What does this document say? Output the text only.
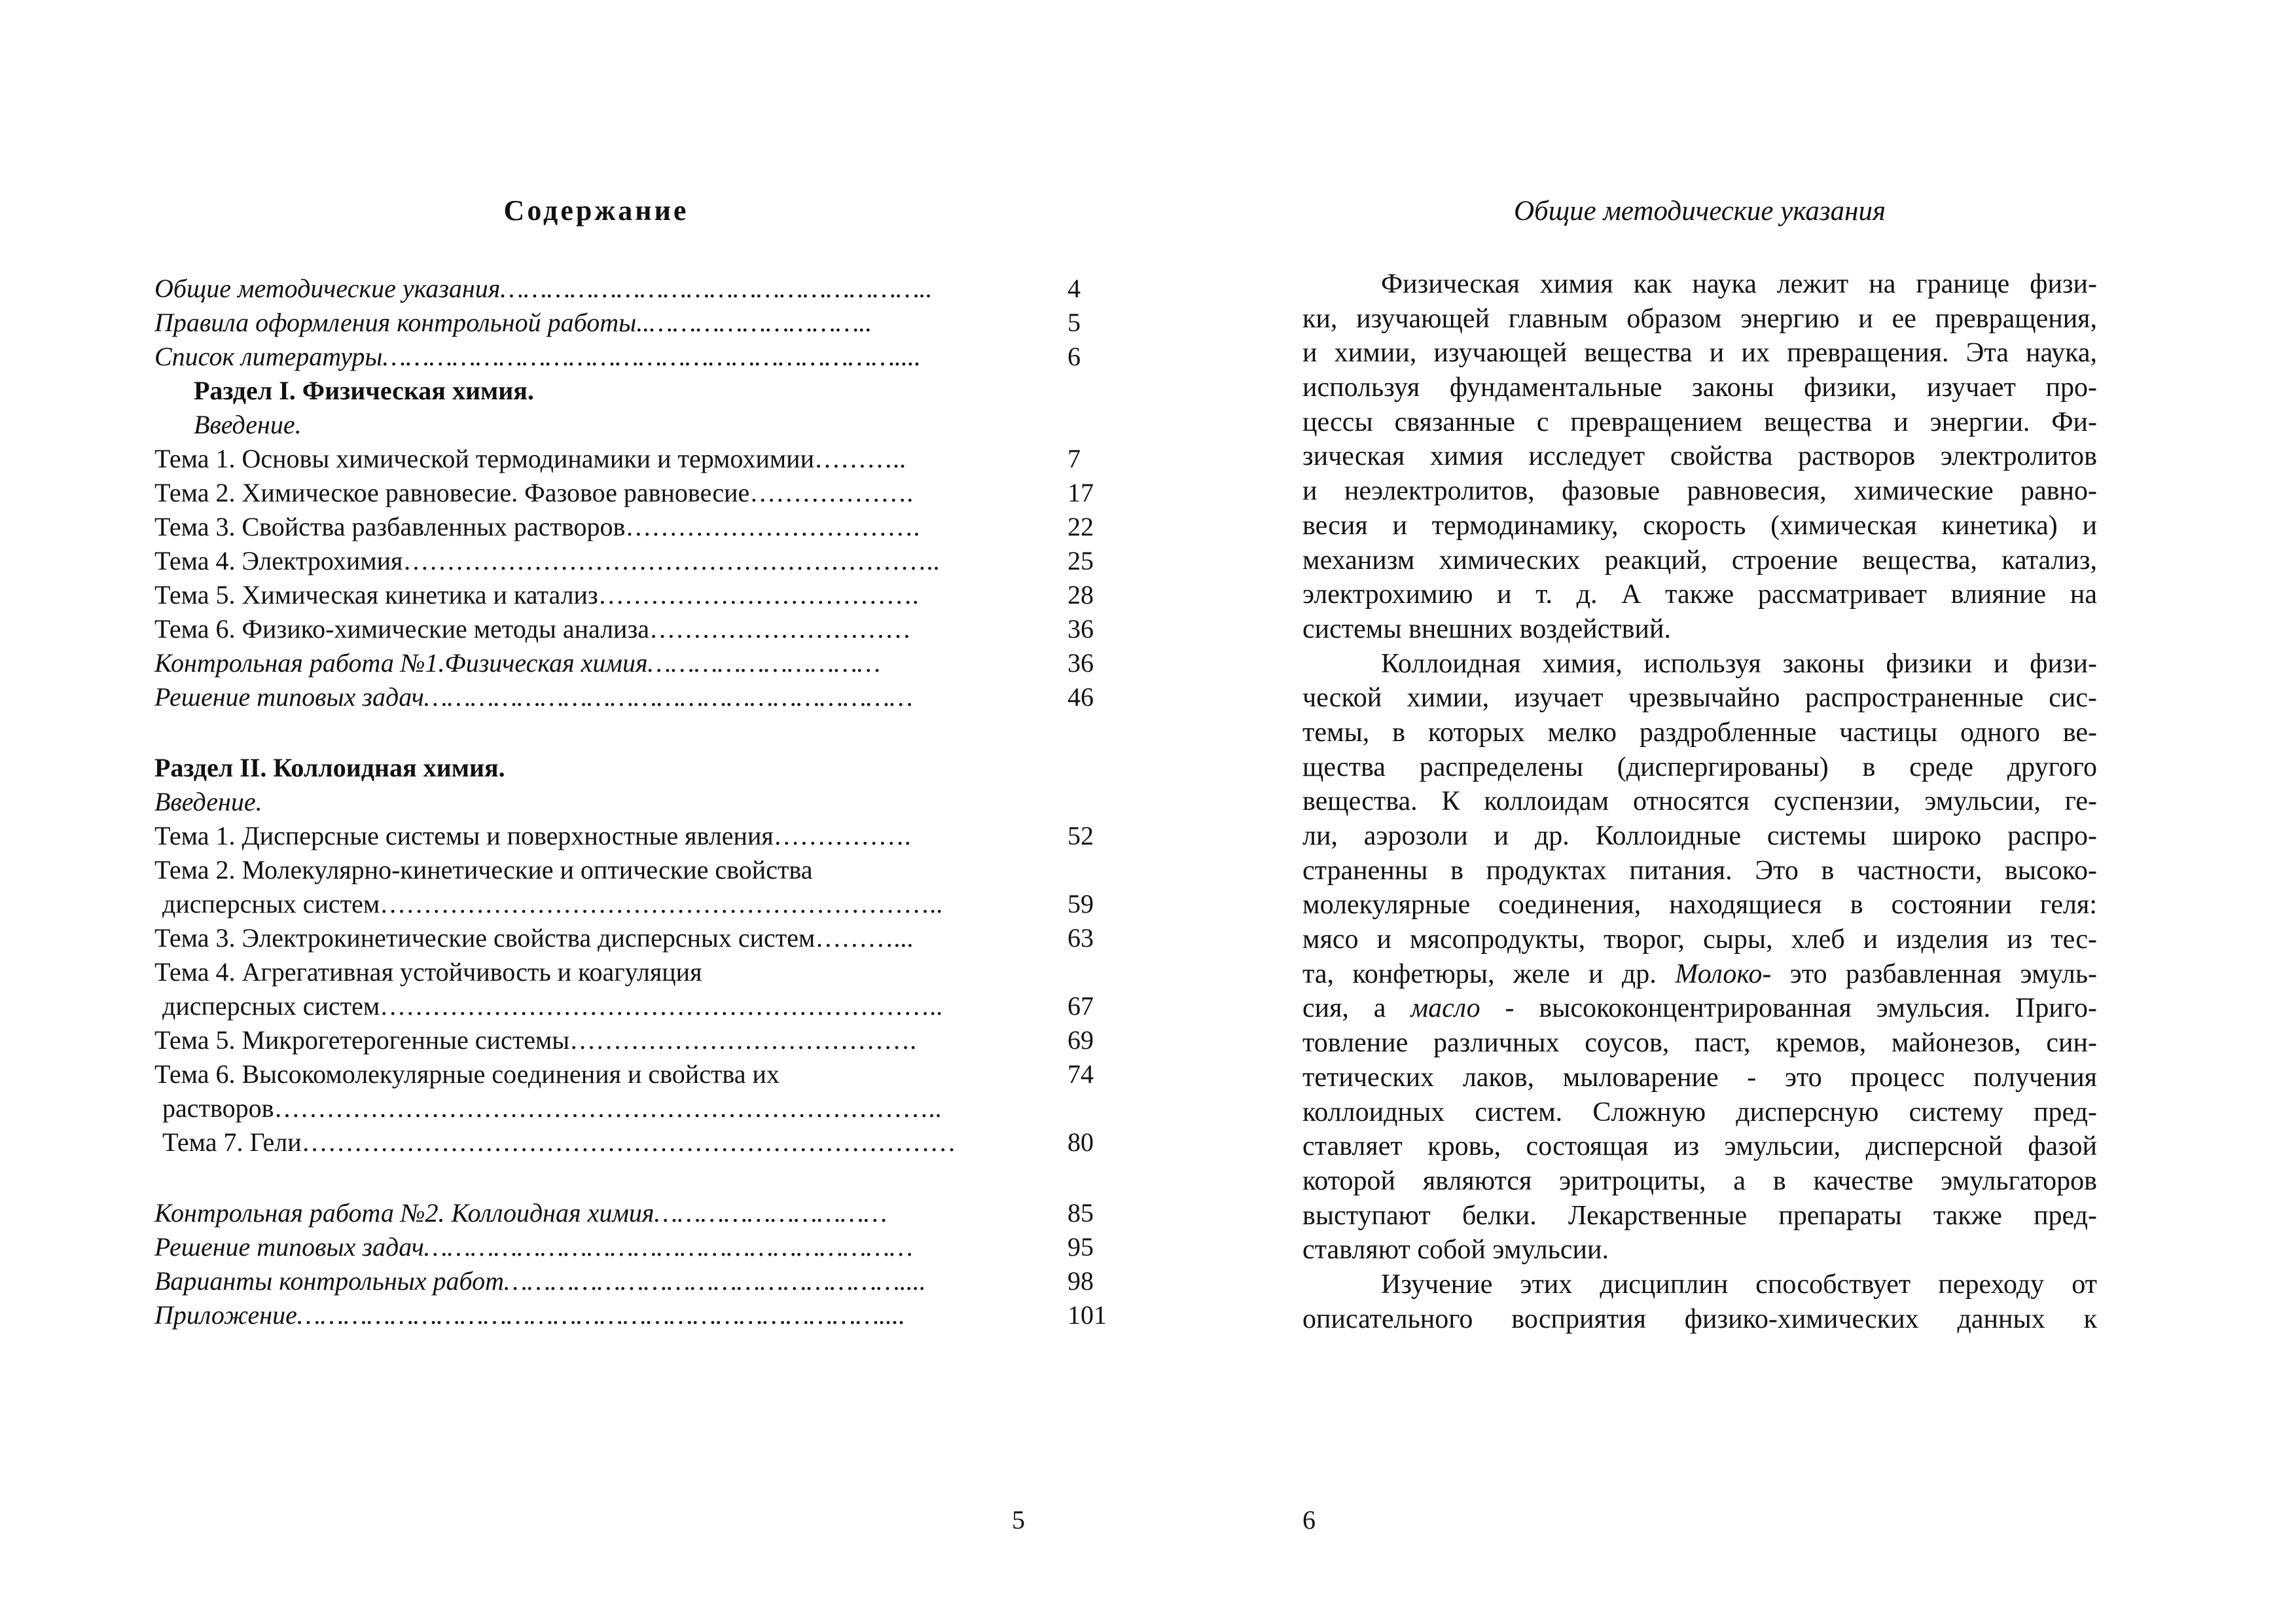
Содержание
Общие методические указания………………………………………………..	4
Правила оформления контрольной работы..………………………..	5
Список литературы…………………………………………………………....	6
Раздел I. Физическая химия.
Введение.
Тема 1. Основы химической термодинамики и термохимии………..	7
Тема 2. Химическое равновесие. Фазовое равновесие……………….	17
Тема 3. Свойства разбавленных растворов…………………………….	22
Тема 4. Электрохимия……………………………………………………..	25
Тема 5. Химическая кинетика и катализ……………………………….	28
Тема 6. Физико-химические методы анализа…………………………	36
Контрольная работа №1.Физическая химия…………………………	36
Решение типовых задач………………………………………………………	46
Раздел II. Коллоидная химия.
Введение.
Тема 1. Дисперсные системы и поверхностные явления…………….	52
Тема 2. Молекулярно-кинетические и оптические свойства
дисперсных систем………………………………………………………..	59
Тема 3. Электрокинетические свойства дисперсных систем………...	63
Тема 4. Агрегативная устойчивость и коагуляция
дисперсных систем………………………………………………………..	67
Тема 5. Микрогетерогенные системы………………………………….	69
Тема 6. Высокомолекулярные соединения и свойства их	74
растворов…………………………………………………………………..
Тема 7. Гели…………………………………………………………………	80
Контрольная работа №2. Коллоидная химия…………………………	85
Решение типовых задач………………………………………………………	95
Варианты контрольных работ……………………………………………....	98
Приложение…………………………………………………………………....	101
5
Общие методические указания
Физическая химия как наука лежит на границе физи-
ки, изучающей главным образом энергию и ее превращения,
и химии, изучающей вещества и их превращения. Эта наука,
используя фундаментальные законы физики, изучает про-
цессы связанные с превращением вещества и энергии. Фи-
зическая химия исследует свойства растворов электролитов
и неэлектролитов, фазовые равновесия, химические равно-
весия и термодинамику, скорость (химическая кинетика) и
механизм химических реакций, строение вещества, катализ,
электрохимию и т. д. А также рассматривает влияние на
системы внешних воздействий.
Коллоидная химия, используя законы физики и физи-
ческой химии, изучает чрезвычайно распространенные сис-
темы, в которых мелко раздробленные частицы одного ве-
щества распределены (диспергированы) в среде другого
вещества. К коллоидам относятся суспензии, эмульсии, ге-
ли, аэрозоли и др. Коллоидные системы широко распро-
страненны в продуктах питания. Это в частности, высоко-
молекулярные соединения, находящиеся в состоянии геля:
мясо и мясопродукты, творог, сыры, хлеб и изделия из тес-
та, конфетюры, желе и др. Молоко- это разбавленная эмуль-
сия, а масло - высококонцентрированная эмульсия. Приго-
товление различных соусов, паст, кремов, майонезов, син-
тетических лаков, мыловарение - это процесс получения
коллоидных систем. Сложную дисперсную систему пред-
ставляет кровь, состоящая из эмульсии, дисперсной фазой
которой являются эритроциты, а в качестве эмульгаторов
выступают белки. Лекарственные препараты также пред-
ставляют собой эмульсии.
Изучение этих дисциплин способствует переходу от
описательного восприятия физико-химических данных к
6
